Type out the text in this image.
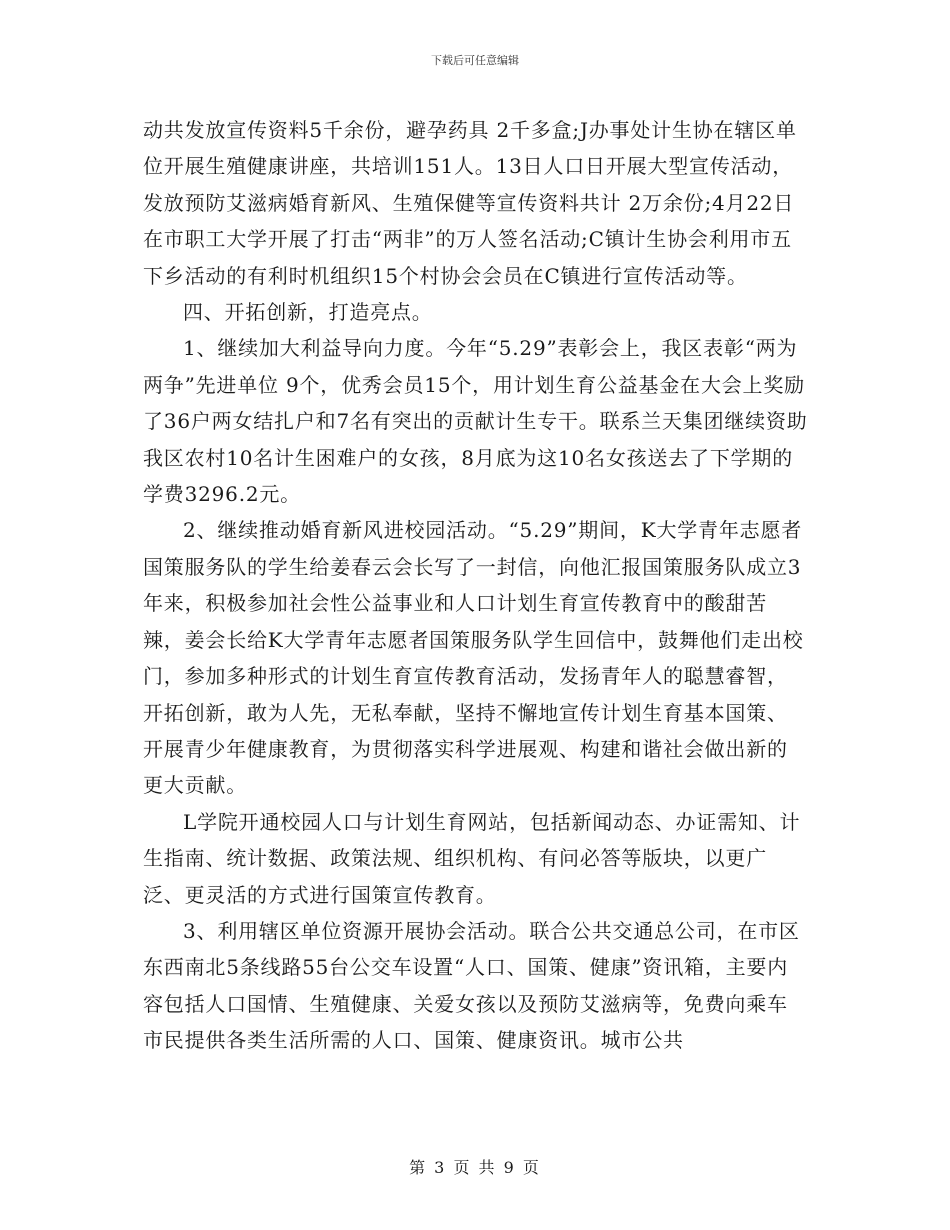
下载后可任意编辑

动共发放宣传资料5千余份，避孕药具 2千多盒;J办事处计生协在辖区单位开展生殖健康讲座，共培训151人。13日人口日开展大型宣传活动，发放预防艾滋病婚育新风、生殖保健等宣传资料共计 2万余份;4月22日在市职工大学开展了打击“两非”的万人签名活动;C镇计生协会利用市五下乡活动的有利时机组织15个村协会会员在C镇进行宣传活动等。

四、开拓创新，打造亮点。

1、继续加大利益导向力度。今年“5.29”表彰会上，我区表彰“两为两争”先进单位 9个，优秀会员15个，用计划生育公益基金在大会上奖励了36户两女结扎户和7名有突出的贡献计生专干。联系兰天集团继续资助我区农村10名计生困难户的女孩，8月底为这10名女孩送去了下学期的学费3296.2元。

2、继续推动婚育新风进校园活动。“5.29”期间，K大学青年志愿者国策服务队的学生给姜春云会长写了一封信，向他汇报国策服务队成立3年来，积极参加社会性公益事业和人口计划生育宣传教育中的酸甜苦辣，姜会长给K大学青年志愿者国策服务队学生回信中，鼓舞他们走出校门，参加多种形式的计划生育宣传教育活动，发扬青年人的聪慧睿智，开拓创新，敢为人先，无私奉献，坚持不懈地宣传计划生育基本国策、开展青少年健康教育，为贯彻落实科学进展观、构建和谐社会做出新的更大贡献。

L学院开通校园人口与计划生育网站，包括新闻动态、办证需知、计生指南、统计数据、政策法规、组织机构、有问必答等版块，以更广泛、更灵活的方式进行国策宣传教育。

3、利用辖区单位资源开展协会活动。联合公共交通总公司，在市区东西南北5条线路55台公交车设置“人口、国策、健康”资讯箱，主要内容包括人口国情、生殖健康、关爱女孩以及预防艾滋病等，免费向乘车市民提供各类生活所需的人口、国策、健康资讯。城市公共

第 3 页 共 9 页
